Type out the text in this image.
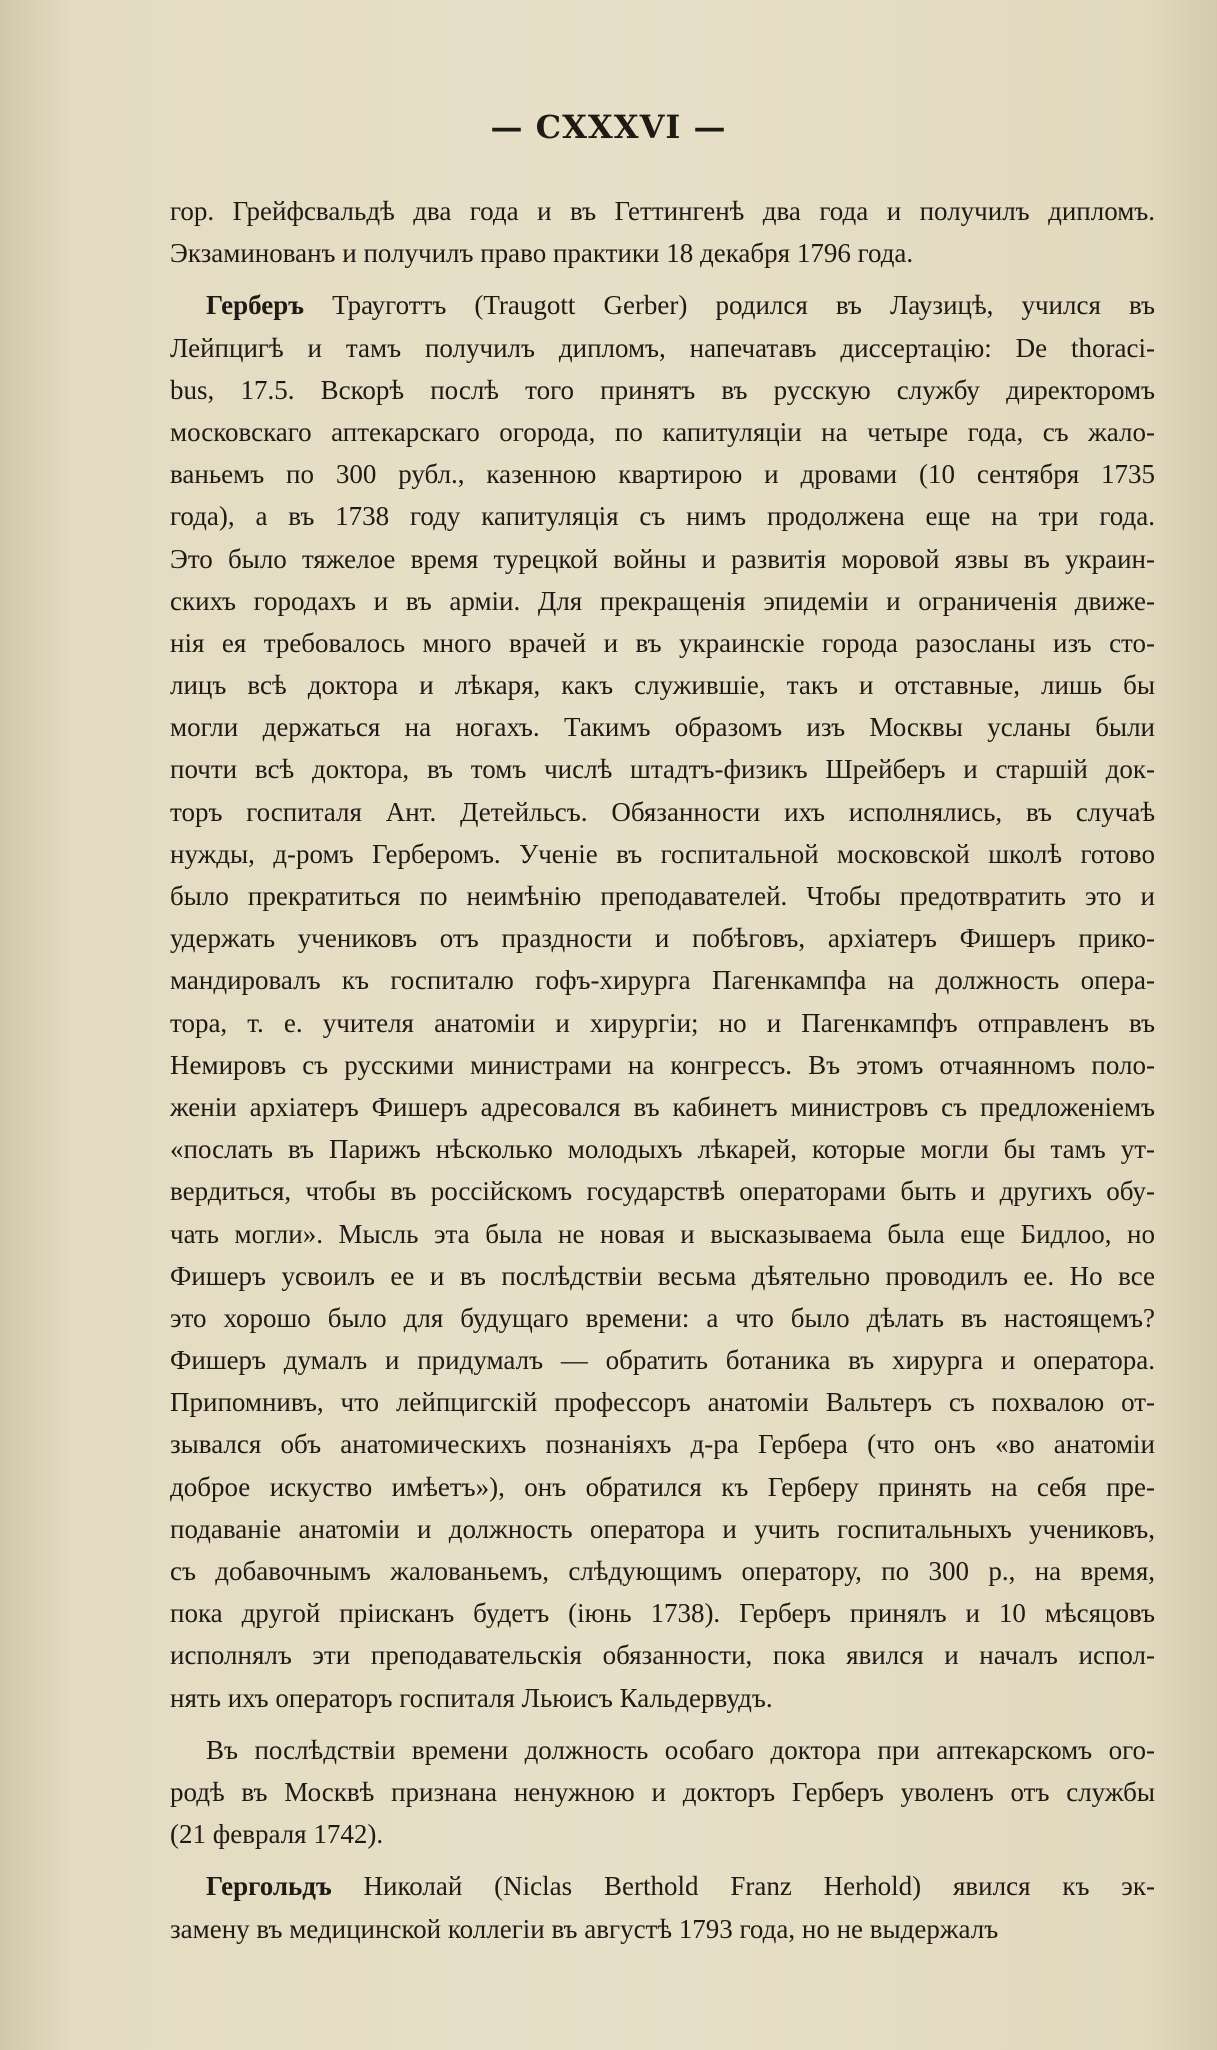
— CXXXVI —
гор. Грейфсвальдѣ два года и въ Геттингенѣ два года и получилъ дипломъ.
Экзаминованъ и получилъ право практики 18 декабря 1796 года.
Герберъ Трауготтъ (Traugott Gerber) родился въ Лаузицѣ, учился въ
Лейпцигѣ и тамъ получилъ дипломъ, напечатавъ диссертацію: De thoraci-
bus, 17.5. Вскорѣ послѣ того принятъ въ русскую службу директоромъ
московскаго аптекарскаго огорода, по капитуляціи на четыре года, съ жало-
ваньемъ по 300 рубл., казенною квартирою и дровами (10 сентября 1735
года), а въ 1738 году капитуляція съ нимъ продолжена еще на три года.
Это было тяжелое время турецкой войны и развитія моровой язвы въ украин-
скихъ городахъ и въ арміи. Для прекращенія эпидеміи и ограниченія движе-
нія ея требовалось много врачей и въ украинскіе города разосланы изъ сто-
лицъ всѣ доктора и лѣкаря, какъ служившіе, такъ и отставные, лишь бы
могли держаться на ногахъ. Такимъ образомъ изъ Москвы усланы были
почти всѣ доктора, въ томъ числѣ штадтъ-физикъ Шрейберъ и старшій док-
торъ госпиталя Ант. Детейльсъ. Обязанности ихъ исполнялись, въ случаѣ
нужды, д-ромъ Герберомъ. Ученіе въ госпитальной московской школѣ готово
было прекратиться по неимѣнію преподавателей. Чтобы предотвратить это и
удержать учениковъ отъ праздности и побѣговъ, архіатеръ Фишеръ прико-
мандировалъ къ госпиталю гофъ-хирурга Пагенкампфа на должность опера-
тора, т. е. учителя анатоміи и хирургіи; но и Пагенкампфъ отправленъ въ
Немировъ съ русскими министрами на конгрессъ. Въ этомъ отчаянномъ поло-
женіи архіатеръ Фишеръ адресовался въ кабинетъ министровъ съ предложеніемъ
«послать въ Парижъ нѣсколько молодыхъ лѣкарей, которые могли бы тамъ ут-
вердиться, чтобы въ россійскомъ государствѣ операторами быть и другихъ обу-
чать могли». Мысль эта была не новая и высказываема была еще Бидлоо, но
Фишеръ усвоилъ ее и въ послѣдствіи весьма дѣятельно проводилъ ее. Но все
это хорошо было для будущаго времени: а что было дѣлать въ настоящемъ?
Фишеръ думалъ и придумалъ — обратить ботаника въ хирурга и оператора.
Припомнивъ, что лейпцигскій профессоръ анатоміи Вальтеръ съ похвалою от-
зывался объ анатомическихъ познаніяхъ д-ра Гербера (что онъ «во анатоміи
доброе искуство имѣетъ»), онъ обратился къ Герберу принять на себя пре-
подаваніе анатоміи и должность оператора и учить госпитальныхъ учениковъ,
съ добавочнымъ жалованьемъ, слѣдующимъ оператору, по 300 р., на время,
пока другой пріисканъ будетъ (іюнь 1738). Герберъ принялъ и 10 мѣсяцовъ
исполнялъ эти преподавательскія обязанности, пока явился и началъ испол-
нять ихъ операторъ госпиталя Льюисъ Кальдервудъ.
Въ послѣдствіи времени должность особаго доктора при аптекарскомъ ого-
родѣ въ Москвѣ признана ненужною и докторъ Герберъ уволенъ отъ службы
(21 февраля 1742).
Гергольдъ Николай (Niclas Berthold Franz Herhold) явился къ эк-
замену въ медицинской коллегіи въ августѣ 1793 года, но не выдержалъ
